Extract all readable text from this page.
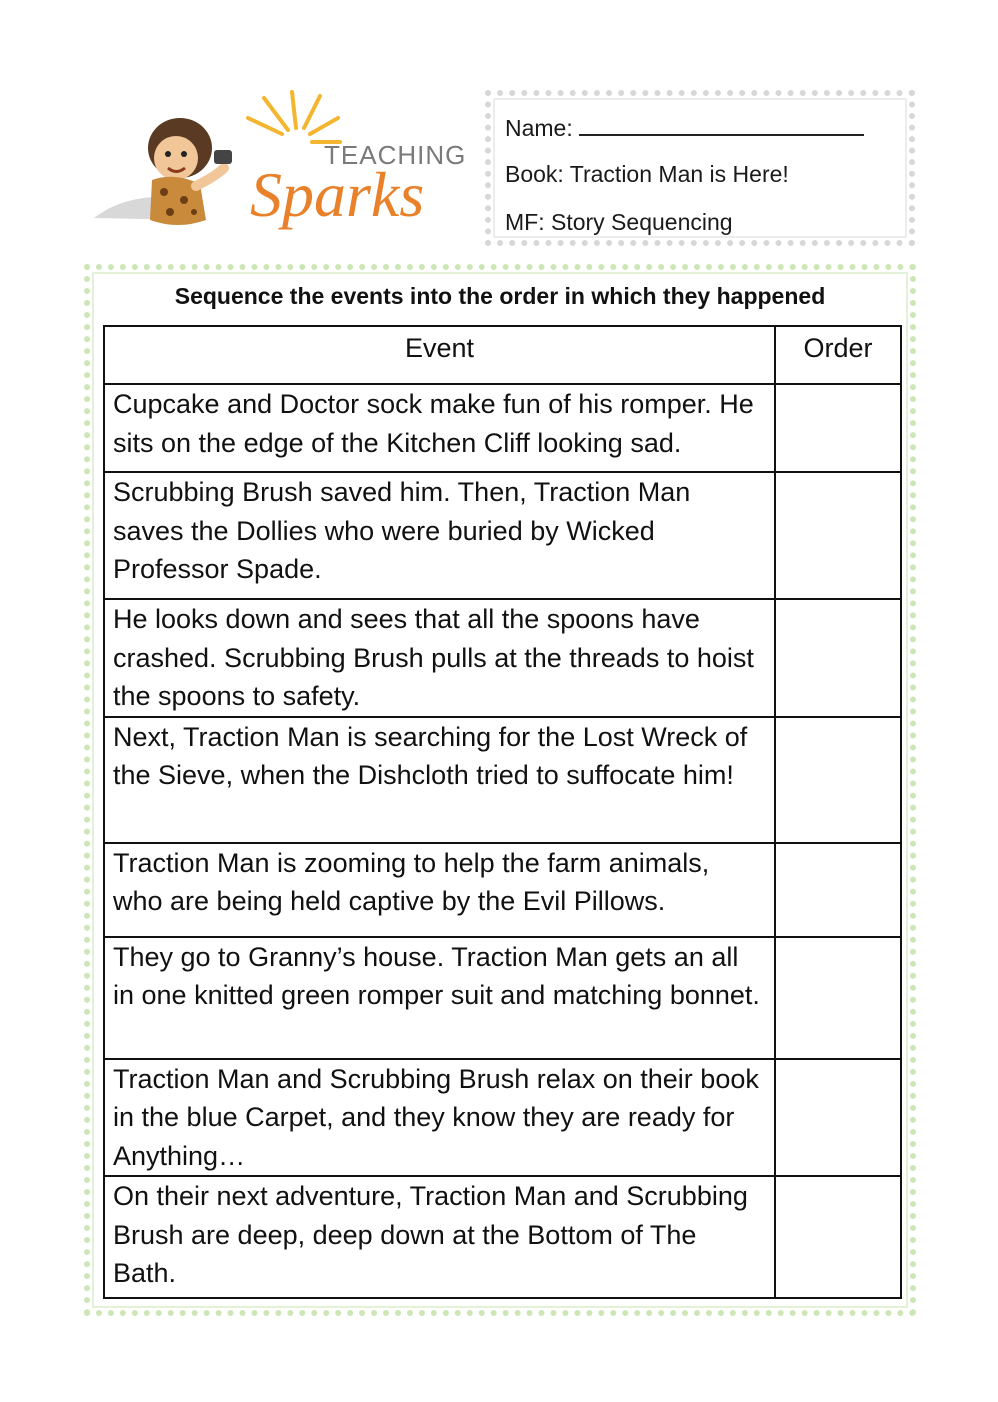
TEACHING
Sparks
Name:
Book: Traction Man is Here!
MF: Story Sequencing
Sequence the events into the order in which they happened
Event	Order
Cupcake and Doctor sock make fun of his romper. He sits on the edge of the Kitchen Cliff looking sad.	
Scrubbing Brush saved him. Then, Traction Man saves the Dollies who were buried by Wicked Professor Spade.	
He looks down and sees that all the spoons have crashed. Scrubbing Brush pulls at the threads to hoist the spoons to safety.	
Next, Traction Man is searching for the Lost Wreck of the Sieve, when the Dishcloth tried to suffocate him!	
Traction Man is zooming to help the farm animals, who are being held captive by the Evil Pillows.	
They go to Granny’s house. Traction Man gets an all in one knitted green romper suit and matching bonnet.	
Traction Man and Scrubbing Brush relax on their book in the blue Carpet, and they know they are ready for Anything…	
On their next adventure, Traction Man and Scrubbing Brush are deep, deep down at the Bottom of The Bath.	
